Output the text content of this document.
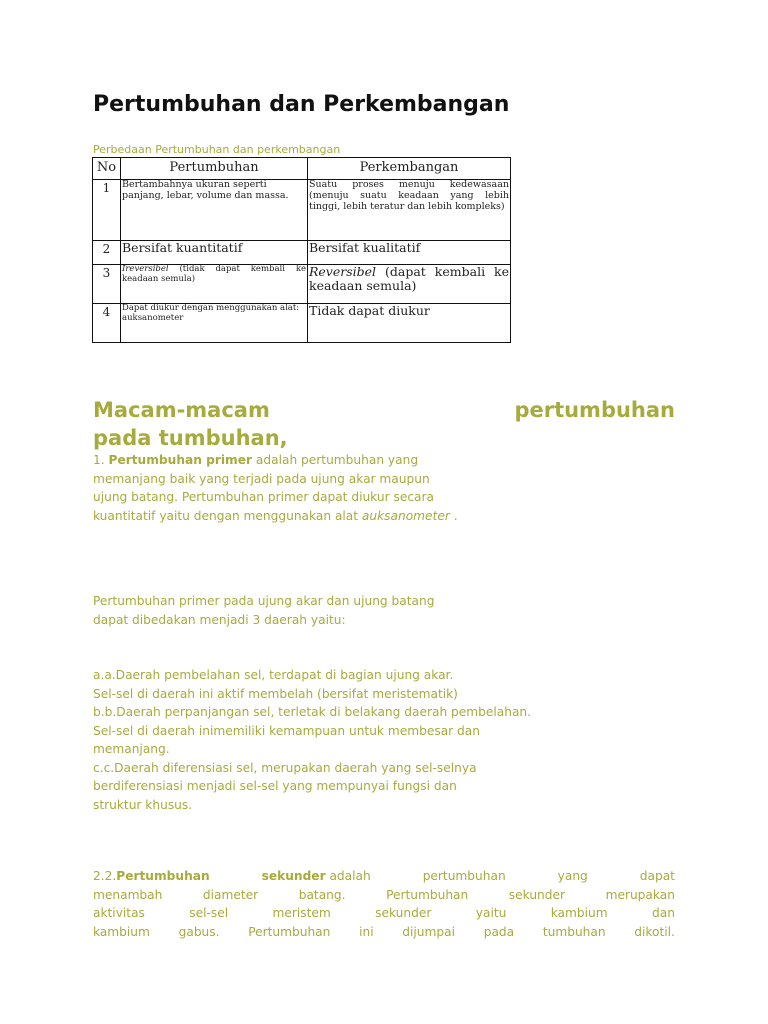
Pertumbuhan dan Perkembangan
Perbedaan Pertumbuhan dan perkembangan
No	Pertumbuhan	Perkembangan
1	Bertambahnya ukuran seperti panjang, lebar, volume dan massa.	Suatu proses menuju kedewasaan (menuju suatu keadaan yang lebih tinggi, lebih teratur dan lebih kompleks)
2	Bersifat kuantitatif	Bersifat kualitatif
3	Ireversibel (tidak dapat kembali ke keadaan semula)	Reversibel (dapat kembali ke keadaan semula)
4	Dapat diukur dengan menggunakan alat: auksanometer	Tidak dapat diukur
Macam-macam	pertumbuhan
pada tumbuhan,
1. Pertumbuhan primer adalah pertumbuhan yang
memanjang baik yang terjadi pada ujung akar maupun
ujung batang. Pertumbuhan primer dapat diukur secara
kuantitatif yaitu dengan menggunakan alat auksanometer .
Pertumbuhan primer pada ujung akar dan ujung batang
dapat dibedakan menjadi 3 daerah yaitu:
a.a.Daerah pembelahan sel, terdapat di bagian ujung akar.
Sel-sel di daerah ini aktif membelah (bersifat meristematik)
b.b.Daerah perpanjangan sel, terletak di belakang daerah pembelahan.
Sel-sel di daerah inimemiliki kemampuan untuk membesar dan
memanjang.
c.c.Daerah diferensiasi sel, merupakan daerah yang sel-selnya
berdiferensiasi menjadi sel-sel yang mempunyai fungsi dan
struktur khusus.
2.2.Pertumbuhan	sekunder adalah	pertumbuhan	yang	dapat
menambah	diameter	batang.	Pertumbuhan	sekunder	merupakan
aktivitas	sel-sel	meristem	sekunder	yaitu	kambium	dan
kambium gabus. Pertumbuhan ini dijumpai pada tumbuhan dikotil.
